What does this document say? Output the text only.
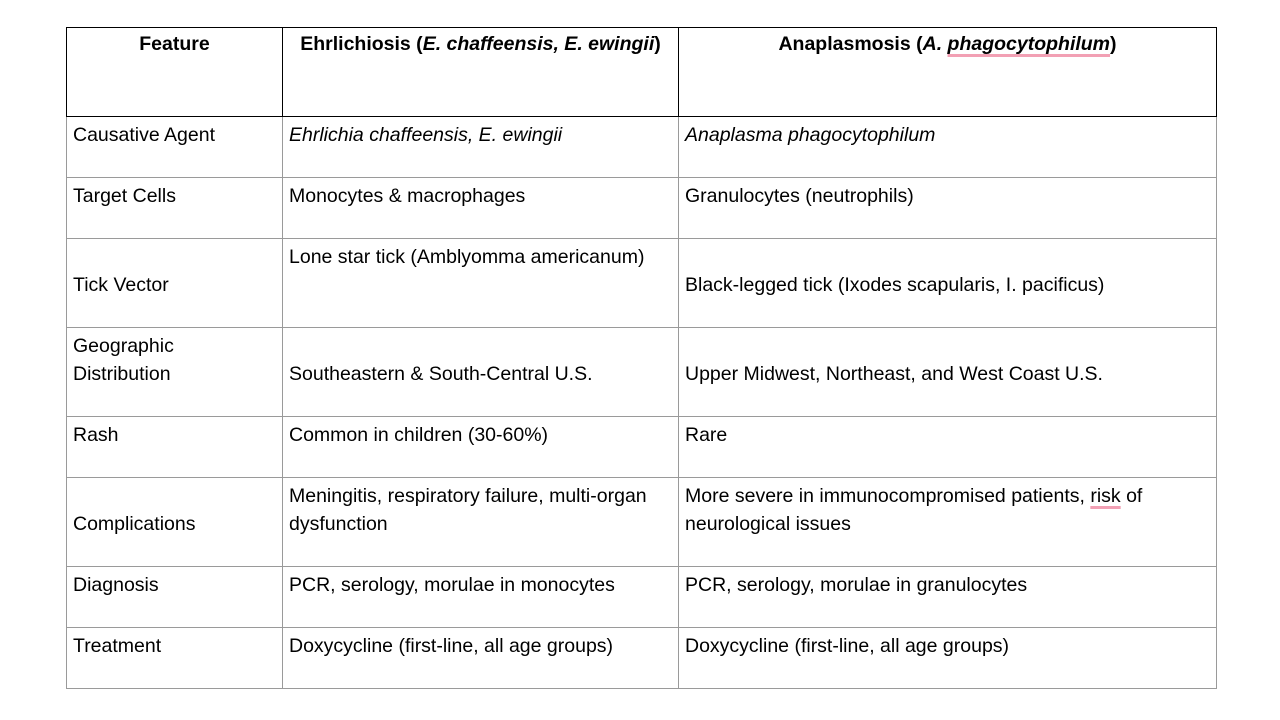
Feature	Ehrlichiosis (E. chaffeensis, E. ewingii)	Anaplasmosis (A. phagocytophilum)
Causative Agent	Ehrlichia chaffeensis, E. ewingii	Anaplasma phagocytophilum
Target Cells	Monocytes & macrophages	Granulocytes (neutrophils)
Tick Vector	Lone star tick (Amblyomma americanum)	Black-legged tick (Ixodes scapularis, I. pacificus)
Geographic Distribution	Southeastern & South-Central U.S.	Upper Midwest, Northeast, and West Coast U.S.
Rash	Common in children (30-60%)	Rare
Complications	Meningitis, respiratory failure, multi-organ dysfunction	More severe in immunocompromised patients, risk of neurological issues
Diagnosis	PCR, serology, morulae in monocytes	PCR, serology, morulae in granulocytes
Treatment	Doxycycline (first-line, all age groups)	Doxycycline (first-line, all age groups)
